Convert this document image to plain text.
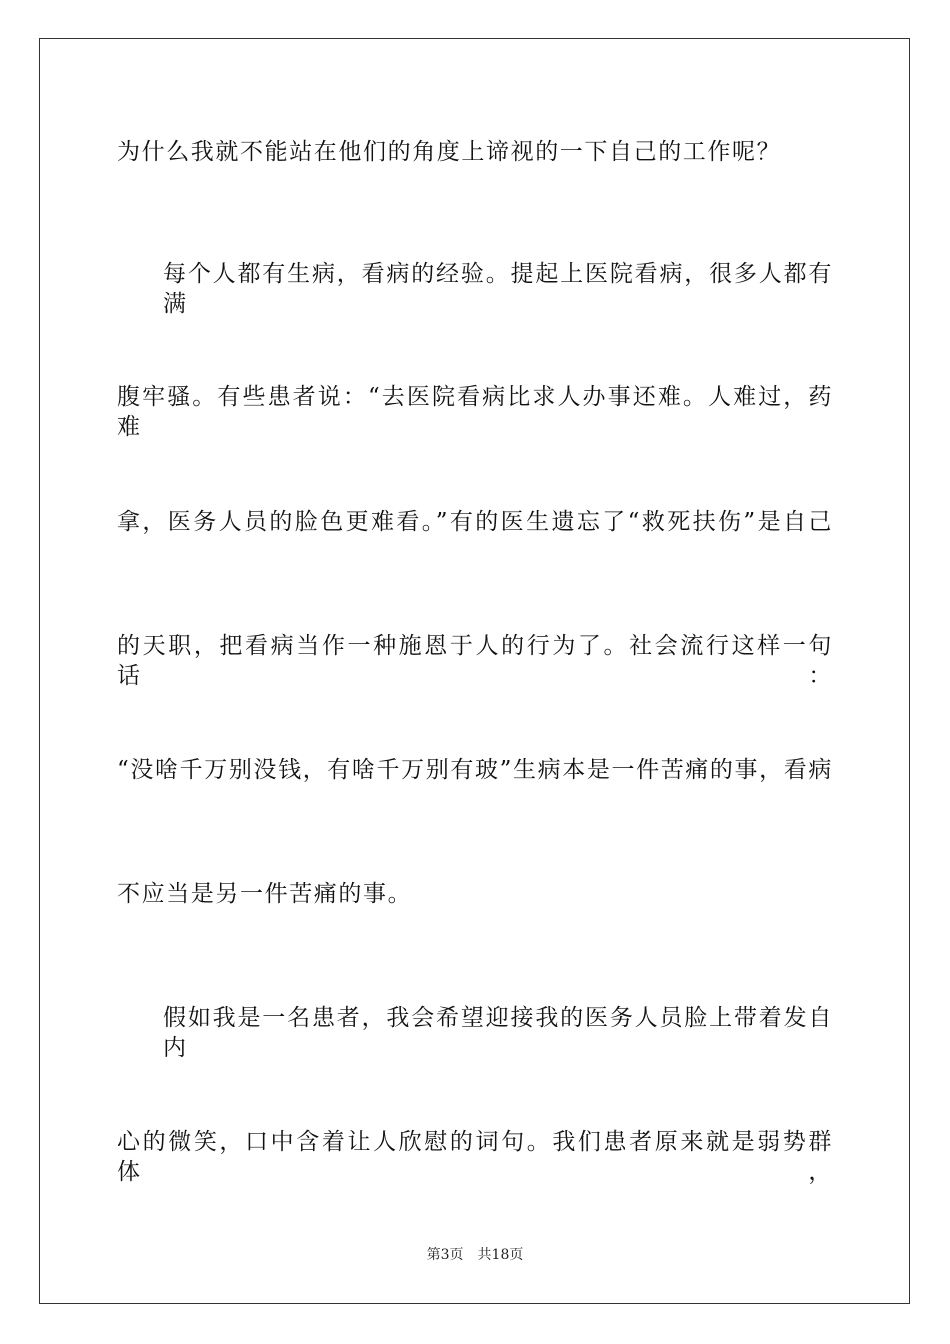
为什么我就不能站在他们的角度上谛视的一下自己的工作呢？
每个人都有生病，看病的经验。提起上医院看病，很多人都有满
腹牢骚。有些患者说：“去医院看病比求人办事还难。人难过，药难
拿，医务人员的脸色更难看。”有的医生遗忘了“救死扶伤”是自己
的天职，把看病当作一种施恩于人的行为了。社会流行这样一句话：
“没啥千万别没钱，有啥千万别有玻”生病本是一件苦痛的事，看病
不应当是另一件苦痛的事。
假如我是一名患者，我会希望迎接我的医务人员脸上带着发自内
心的微笑，口中含着让人欣慰的词句。我们患者原来就是弱势群体，
第3页 共18页
